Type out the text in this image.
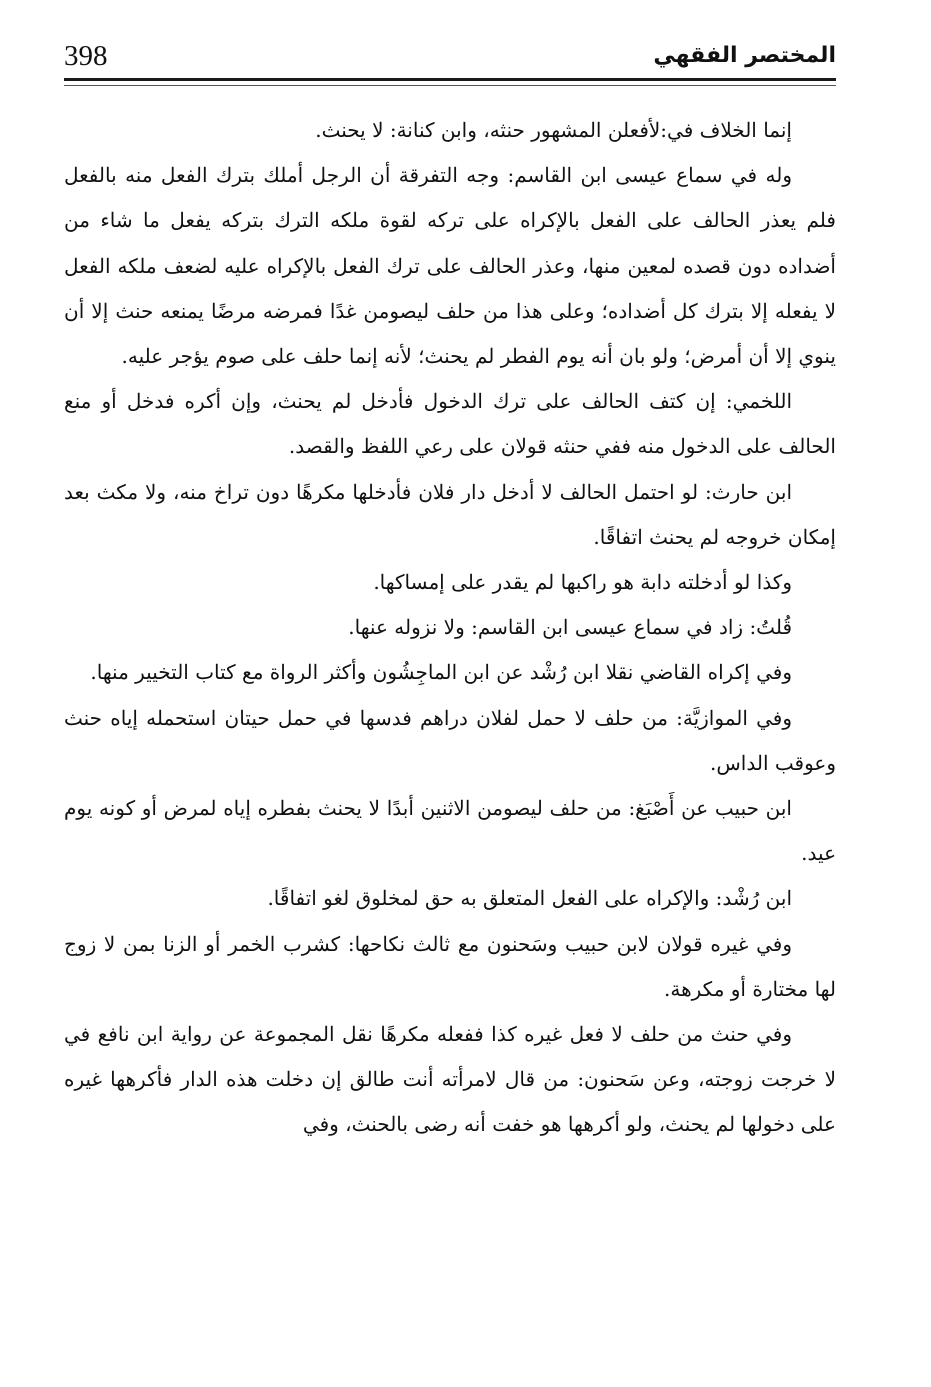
398	المختصر الفقهي

إنما الخلاف في:لأفعلن المشهور حنثه، وابن كنانة: لا يحنث.

وله في سماع عيسى ابن القاسم: وجه التفرقة أن الرجل أملك بترك الفعل منه بالفعل فلم يعذر الحالف على الفعل بالإكراه على تركه لقوة ملكه الترك بتركه يفعل ما شاء من أضداده دون قصده لمعين منها، وعذر الحالف على ترك الفعل بالإكراه عليه لضعف ملكه الفعل لا يفعله إلا بترك كل أضداده؛ وعلى هذا من حلف ليصومن غدًا فمرضه مرضًا يمنعه حنث إلا أن ينوي إلا أن أمرض؛ ولو بان أنه يوم الفطر لم يحنث؛ لأنه إنما حلف على صوم يؤجر عليه.

اللخمي: إن كتف الحالف على ترك الدخول فأدخل لم يحنث، وإن أكره فدخل أو منع الحالف على الدخول منه ففي حنثه قولان على رعي اللفظ والقصد.

ابن حارث: لو احتمل الحالف لا أدخل دار فلان فأدخلها مكرهًا دون تراخ منه، ولا مكث بعد إمكان خروجه لم يحنث اتفاقًا.

وكذا لو أدخلته دابة هو راكبها لم يقدر على إمساكها.

قُلتُ: زاد في سماع عيسى ابن القاسم: ولا نزوله عنها.

وفي إكراه القاضي نقلا ابن رُشْد عن ابن الماجِشُون وأكثر الرواة مع كتاب التخيير منها.

وفي الموازيَّة: من حلف لا حمل لفلان دراهم فدسها في حمل حيتان استحمله إياه حنث وعوقب الداس.

ابن حبيب عن أَصْبَغ: من حلف ليصومن الاثنين أبدًا لا يحنث بفطره إياه لمرض أو كونه يوم عيد.

ابن رُشْد: والإكراه على الفعل المتعلق به حق لمخلوق لغو اتفاقًا.

وفي غيره قولان لابن حبيب وسَحنون مع ثالث نكاحها: كشرب الخمر أو الزنا بمن لا زوج لها مختارة أو مكرهة.

وفي حنث من حلف لا فعل غيره كذا ففعله مكرهًا نقل المجموعة عن رواية ابن نافع في لا خرجت زوجته، وعن سَحنون: من قال لامرأته أنت طالق إن دخلت هذه الدار فأكرهها غيره على دخولها لم يحنث، ولو أكرهها هو خفت أنه رضى بالحنث، وفي
